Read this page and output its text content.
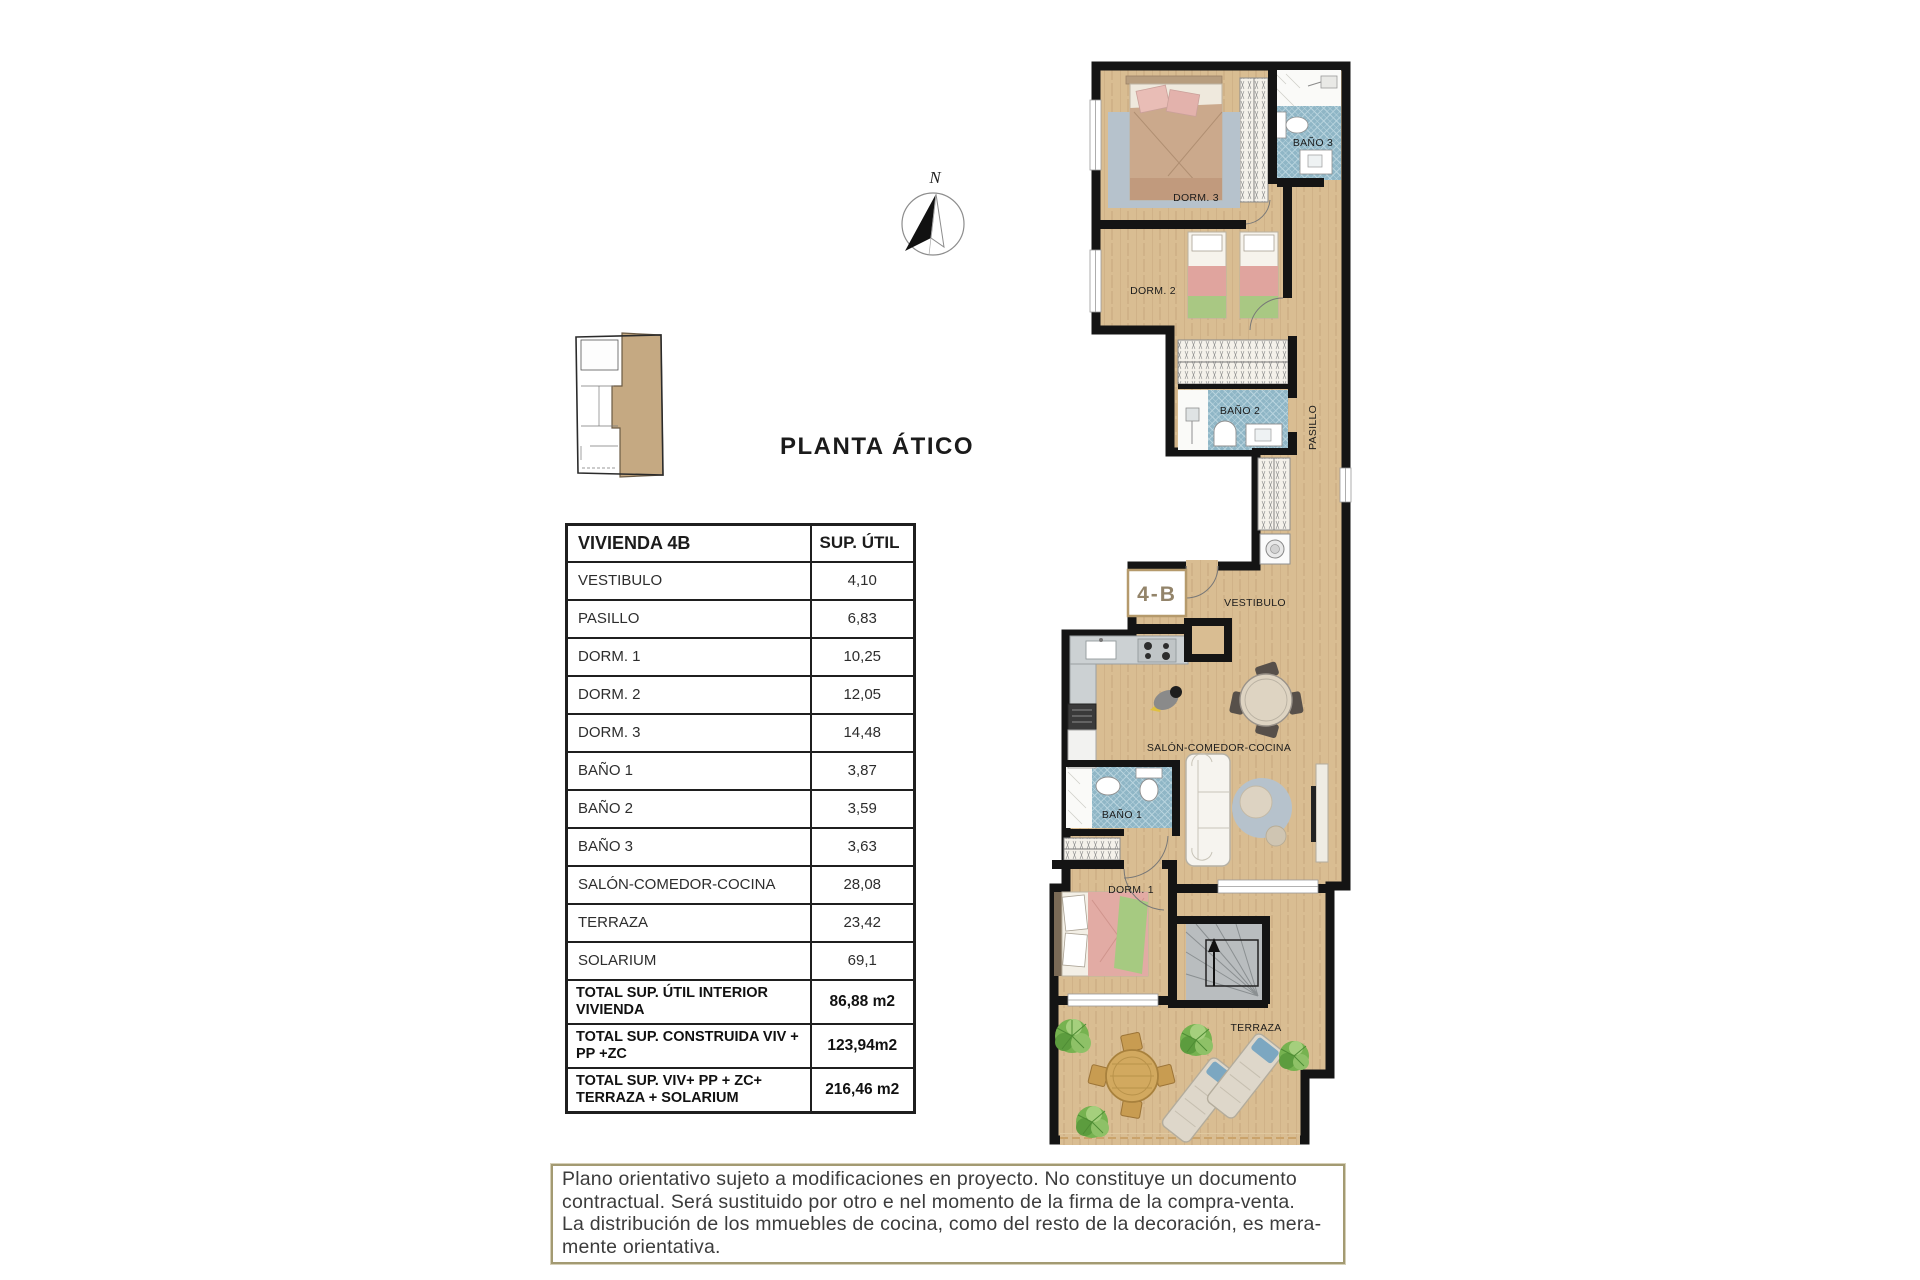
PLANTA ÁTICO
N
VIVIENDA 4B	SUP. ÚTIL
VESTIBULO	4,10
PASILLO	6,83
DORM. 1	10,25
DORM. 2	12,05
DORM. 3	14,48
BAÑO 1	3,87
BAÑO 2	3,59
BAÑO 3	3,63
SALÓN-COMEDOR-COCINA	28,08
TERRAZA	23,42
SOLARIUM	69,1
TOTAL SUP. ÚTIL INTERIOR VIVIENDA	86,88 m2
TOTAL SUP. CONSTRUIDA VIV + PP +ZC	123,94m2
TOTAL SUP. VIV+ PP + ZC+ TERRAZA + SOLARIUM	216,46 m2
DORM. 3
BAÑO 3
DORM. 2
BAÑO 2	PASILLO
VESTIBULO
SALÓN-COMEDOR-COCINA
BAÑO 1
DORM. 1
TERRAZA
4-B
Plano orientativo sujeto a modificaciones en proyecto. No constituye un documento
contractual. Será sustituido por otro e nel momento de la firma de la compra-venta.
La distribución de los mmuebles de cocina, como del resto de la decoración, es mera-
mente orientativa.
